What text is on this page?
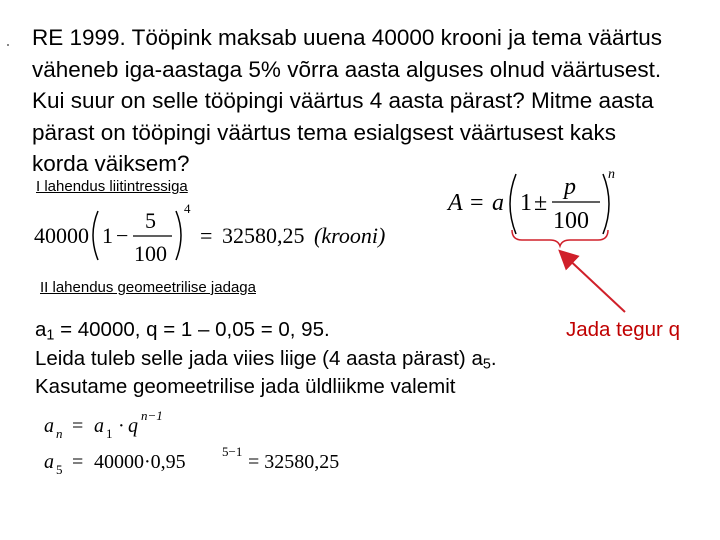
RE 1999. Tööpink maksab uuena 40000 krooni ja tema väärtus
väheneb iga-aastaga 5% võrra aasta alguses olnud väärtusest.
Kui suur on selle tööpingi väärtus 4 aasta pärast? Mitme aasta
pärast on tööpingi väärtus tema esialgsest väärtusest kaks
korda väiksem?
I lahendus liitintressiga
40000 1 −
5
100
4
= 32580,25 (krooni)
A = a 1 ±
p
100
n
II lahendus geomeetrilise jadaga
$a_1 = 40000$, q = 1 – 0,05 = 0, 95.
Leida tuleb selle jada viies liige (4 aasta pärast) $a_5$.
Kasutame geomeetrilise jada üldliikme valemit
Jada tegur q
a n = a 1 · q n−1
a 5 = 40000·0,95	5−1 = 32580,25
